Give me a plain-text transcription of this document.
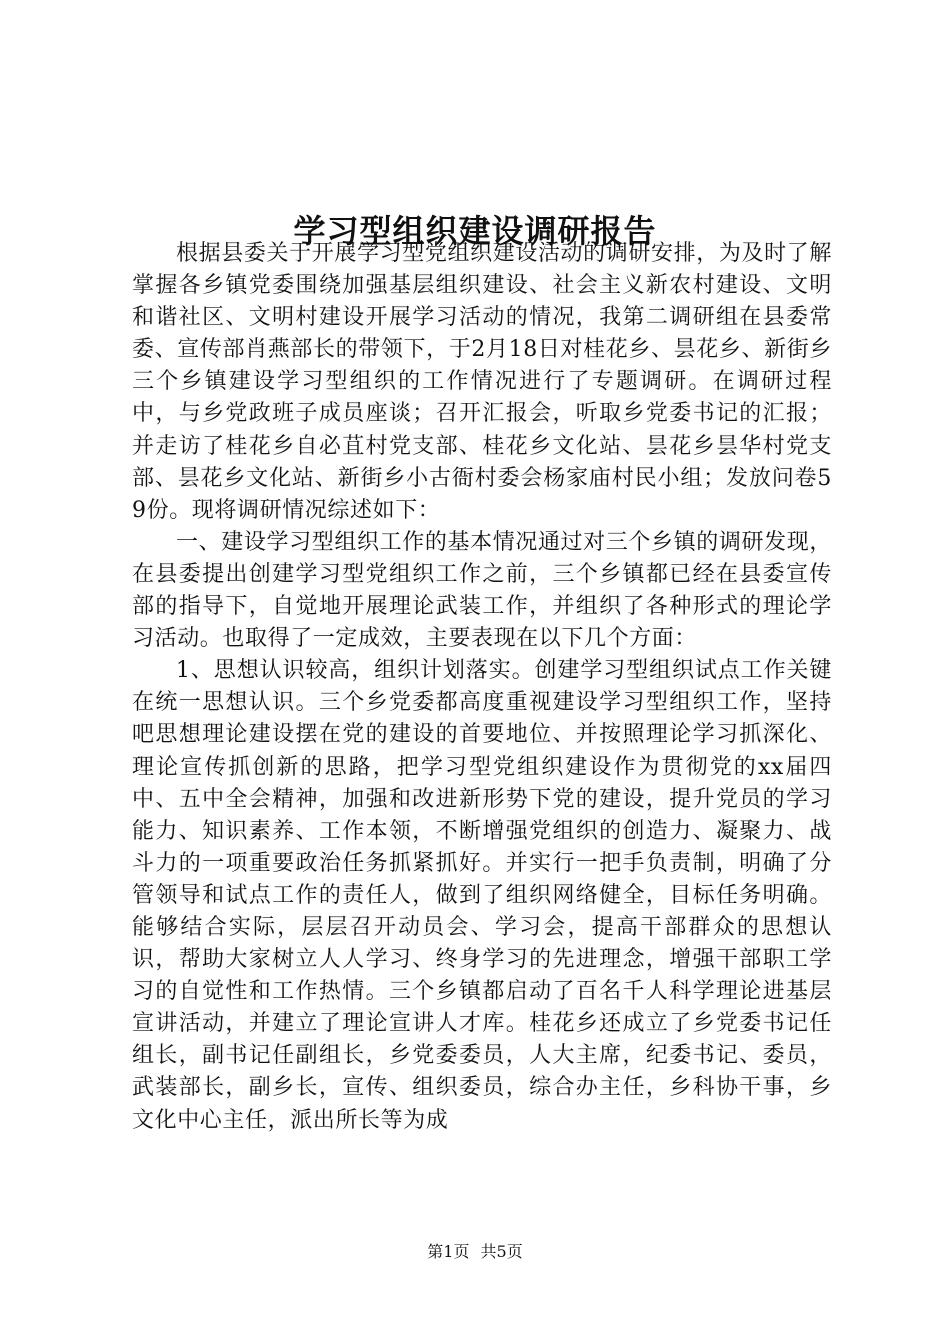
学习型组织建设调研报告

根据县委关于开展学习型党组织建设活动的调研安排，为及时了解掌握各乡镇党委围绕加强基层组织建设、社会主义新农村建设、文明和谐社区、文明村建设开展学习活动的情况，我第二调研组在县委常委、宣传部肖燕部长的带领下，于2月18日对桂花乡、昙花乡、新街乡三个乡镇建设学习型组织的工作情况进行了专题调研。在调研过程中，与乡党政班子成员座谈；召开汇报会，听取乡党委书记的汇报；并走访了桂花乡自必苴村党支部、桂花乡文化站、昙花乡昙华村党支部、昙花乡文化站、新街乡小古衙村委会杨家庙村民小组；发放问卷59份。现将调研情况综述如下：

一、建设学习型组织工作的基本情况通过对三个乡镇的调研发现，在县委提出创建学习型党组织工作之前，三个乡镇都已经在县委宣传部的指导下，自觉地开展理论武装工作，并组织了各种形式的理论学习活动。也取得了一定成效，主要表现在以下几个方面：

1、思想认识较高，组织计划落实。创建学习型组织试点工作关键在统一思想认识。三个乡党委都高度重视建设学习型组织工作，坚持吧思想理论建设摆在党的建设的首要地位、并按照理论学习抓深化、理论宣传抓创新的思路，把学习型党组织建设作为贯彻党的xx届四中、五中全会精神，加强和改进新形势下党的建设，提升党员的学习能力、知识素养、工作本领，不断增强党组织的创造力、凝聚力、战斗力的一项重要政治任务抓紧抓好。并实行一把手负责制，明确了分管领导和试点工作的责任人，做到了组织网络健全，目标任务明确。能够结合实际，层层召开动员会、学习会，提高干部群众的思想认识，帮助大家树立人人学习、终身学习的先进理念，增强干部职工学习的自觉性和工作热情。三个乡镇都启动了百名千人科学理论进基层宣讲活动，并建立了理论宣讲人才库。桂花乡还成立了乡党委书记任组长，副书记任副组长，乡党委委员，人大主席，纪委书记、委员，武装部长，副乡长，宣传、组织委员，综合办主任，乡科协干事，乡文化中心主任，派出所长等为成

第1页 共5页
